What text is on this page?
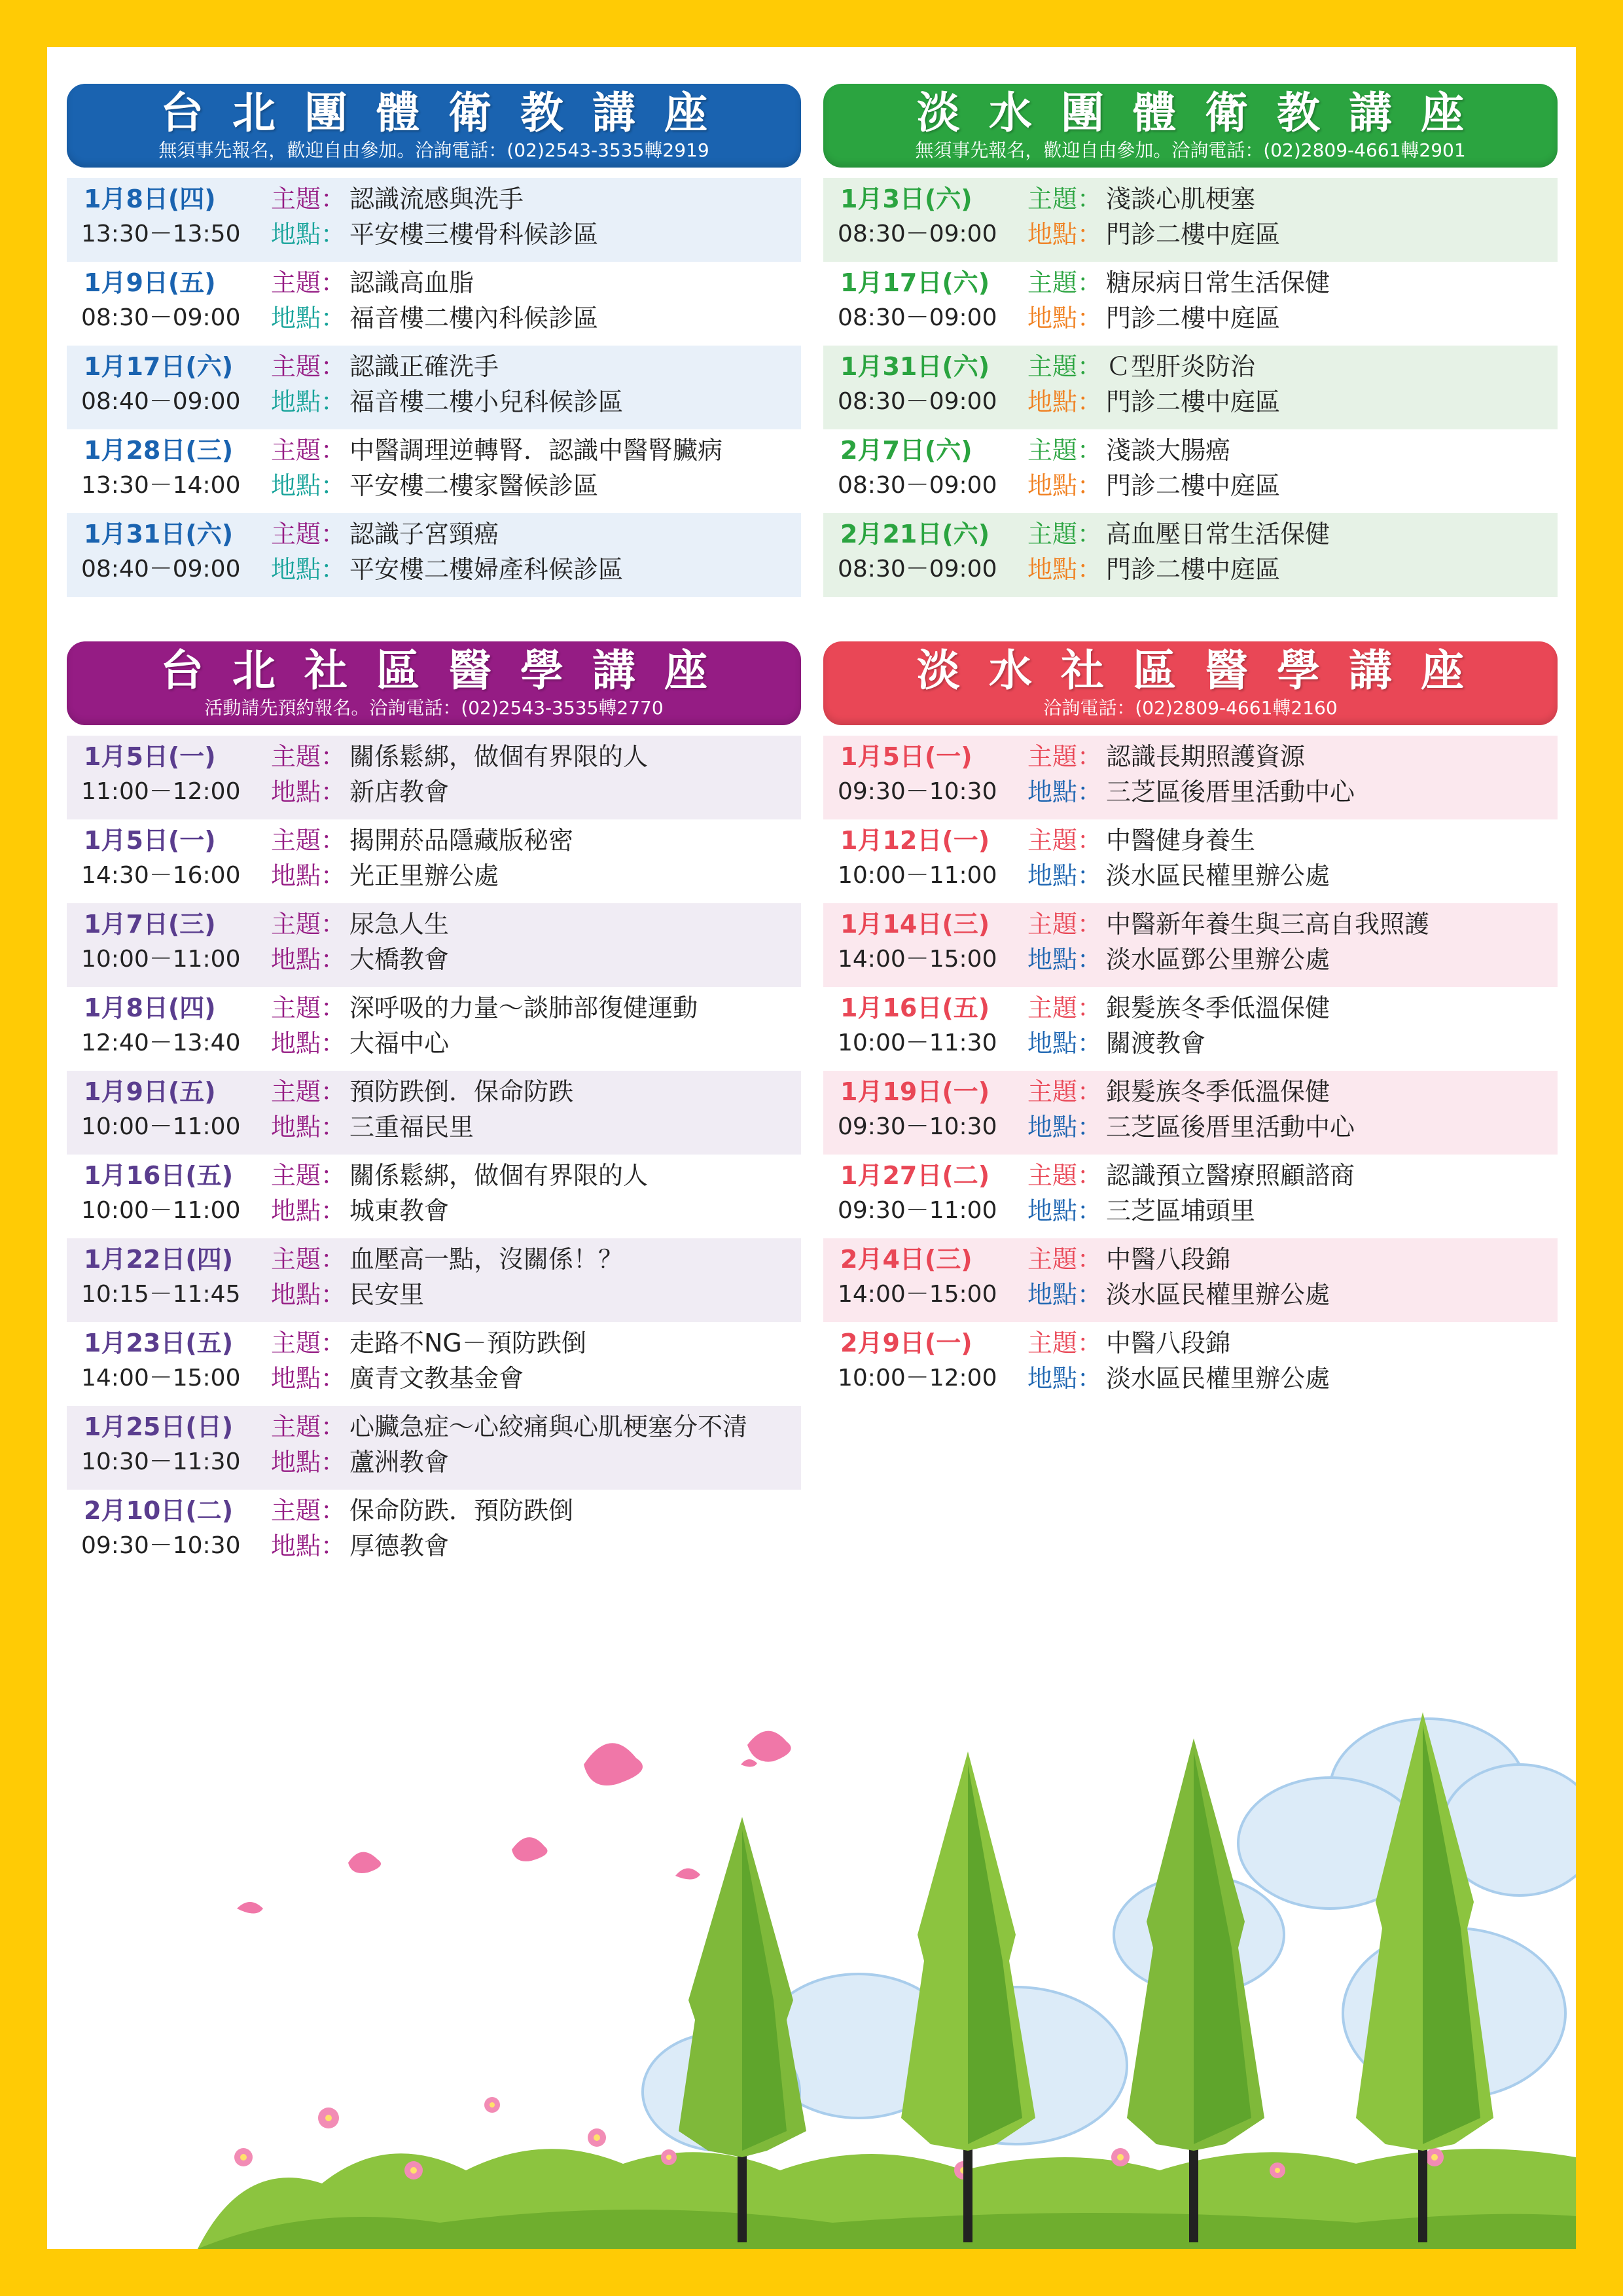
台北團體衛教講座
無須事先報名，歡迎自由參加。洽詢電話：(02)2543-3535轉2919
1月8日(四)
13:30－13:50
主題：
地點：
認識流感與洗手
平安樓三樓骨科候診區
1月9日(五)
08:30－09:00
主題：
地點：
認識高血脂
福音樓二樓內科候診區
1月17日(六)
08:40－09:00
主題：
地點：
認識正確洗手
福音樓二樓小兒科候診區
1月28日(三)
13:30－14:00
主題：
地點：
中醫調理逆轉腎．認識中醫腎臟病
平安樓二樓家醫候診區
1月31日(六)
08:40－09:00
主題：
地點：
認識子宮頸癌
平安樓二樓婦產科候診區
淡水團體衛教講座
無須事先報名，歡迎自由參加。洽詢電話：(02)2809-4661轉2901
1月3日(六)
08:30－09:00
主題：
地點：
淺談心肌梗塞
門診二樓中庭區
1月17日(六)
08:30－09:00
主題：
地點：
糖尿病日常生活保健
門診二樓中庭區
1月31日(六)
08:30－09:00
主題：
地點：
Ｃ型肝炎防治
門診二樓中庭區
2月7日(六)
08:30－09:00
主題：
地點：
淺談大腸癌
門診二樓中庭區
2月21日(六)
08:30－09:00
主題：
地點：
高血壓日常生活保健
門診二樓中庭區
台北社區醫學講座
活動請先預約報名。洽詢電話：(02)2543-3535轉2770
1月5日(一)
11:00－12:00
主題：
地點：
關係鬆綁，做個有界限的人
新店教會
1月5日(一)
14:30－16:00
主題：
地點：
揭開菸品隱藏版秘密
光正里辦公處
1月7日(三)
10:00－11:00
主題：
地點：
尿急人生
大橋教會
1月8日(四)
12:40－13:40
主題：
地點：
深呼吸的力量～談肺部復健運動
大福中心
1月9日(五)
10:00－11:00
主題：
地點：
預防跌倒．保命防跌
三重福民里
1月16日(五)
10:00－11:00
主題：
地點：
關係鬆綁，做個有界限的人
城東教會
1月22日(四)
10:15－11:45
主題：
地點：
血壓高一點，沒關係！？
民安里
1月23日(五)
14:00－15:00
主題：
地點：
走路不NG－預防跌倒
廣青文教基金會
1月25日(日)
10:30－11:30
主題：
地點：
心臟急症～心絞痛與心肌梗塞分不清
蘆洲教會
2月10日(二)
09:30－10:30
主題：
地點：
保命防跌．預防跌倒
厚德教會
淡水社區醫學講座
洽詢電話：(02)2809-4661轉2160
1月5日(一)
09:30－10:30
主題：
地點：
認識長期照護資源
三芝區後厝里活動中心
1月12日(一)
10:00－11:00
主題：
地點：
中醫健身養生
淡水區民權里辦公處
1月14日(三)
14:00－15:00
主題：
地點：
中醫新年養生與三高自我照護
淡水區鄧公里辦公處
1月16日(五)
10:00－11:30
主題：
地點：
銀髮族冬季低溫保健
關渡教會
1月19日(一)
09:30－10:30
主題：
地點：
銀髮族冬季低溫保健
三芝區後厝里活動中心
1月27日(二)
09:30－11:00
主題：
地點：
認識預立醫療照顧諮商
三芝區埔頭里
2月4日(三)
14:00－15:00
主題：
地點：
中醫八段錦
淡水區民權里辦公處
2月9日(一)
10:00－12:00
主題：
地點：
中醫八段錦
淡水區民權里辦公處
